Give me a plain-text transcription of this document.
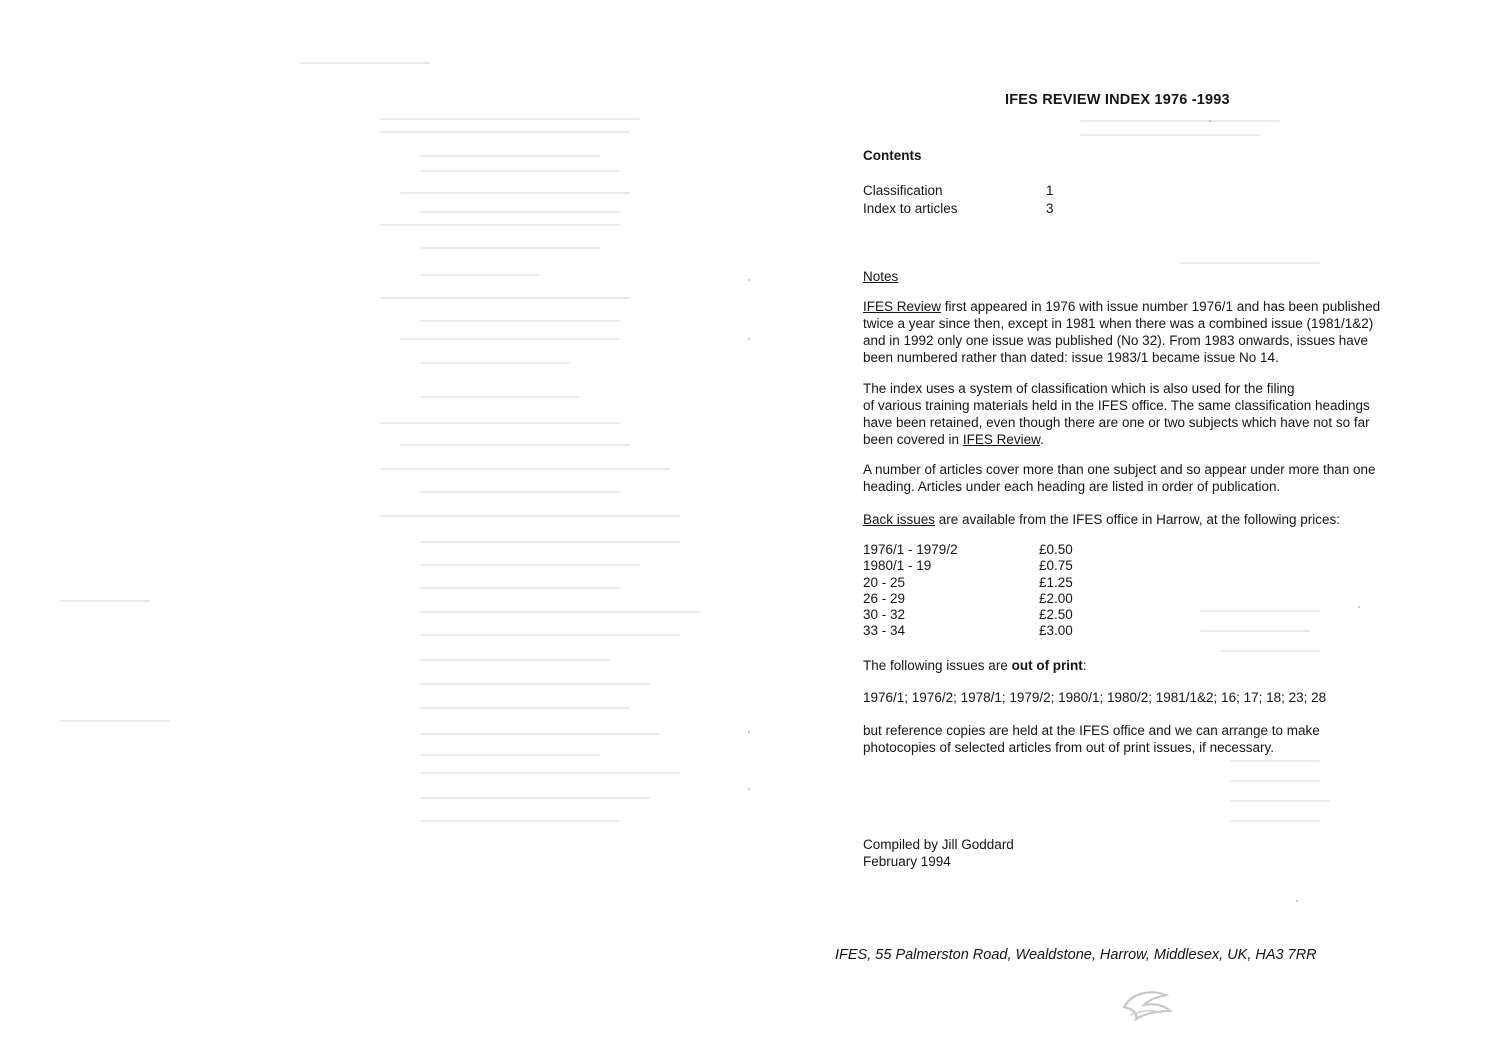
IFES REVIEW INDEX 1976 -1993
Contents
Classification	1
Index to articles	3
Notes
IFES Review first appeared in 1976 with issue number 1976/1 and has been published
twice a year since then, except in 1981 when there was a combined issue (1981/1&2)
and in 1992 only one issue was published (No 32). From 1983 onwards, issues have
been numbered rather than dated: issue 1983/1 became issue No 14.
The index uses a system of classification which is also used for the filing
of various training materials held in the IFES office. The same classification headings
have been retained, even though there are one or two subjects which have not so far
been covered in IFES Review.
A number of articles cover more than one subject and so appear under more than one
heading. Articles under each heading are listed in order of publication.
Back issues are available from the IFES office in Harrow, at the following prices:
1976/1 - 1979/2	£0.50
1980/1 - 19	£0.75
20 - 25	£1.25
26 - 29	£2.00
30 - 32	£2.50
33 - 34	£3.00
The following issues are out of print:
1976/1; 1976/2; 1978/1; 1979/2; 1980/1; 1980/2; 1981/1&2; 16; 17; 18; 23; 28
but reference copies are held at the IFES office and we can arrange to make
photocopies of selected articles from out of print issues, if necessary.
Compiled by Jill Goddard
February 1994
IFES, 55 Palmerston Road, Wealdstone, Harrow, Middlesex, UK, HA3 7RR
